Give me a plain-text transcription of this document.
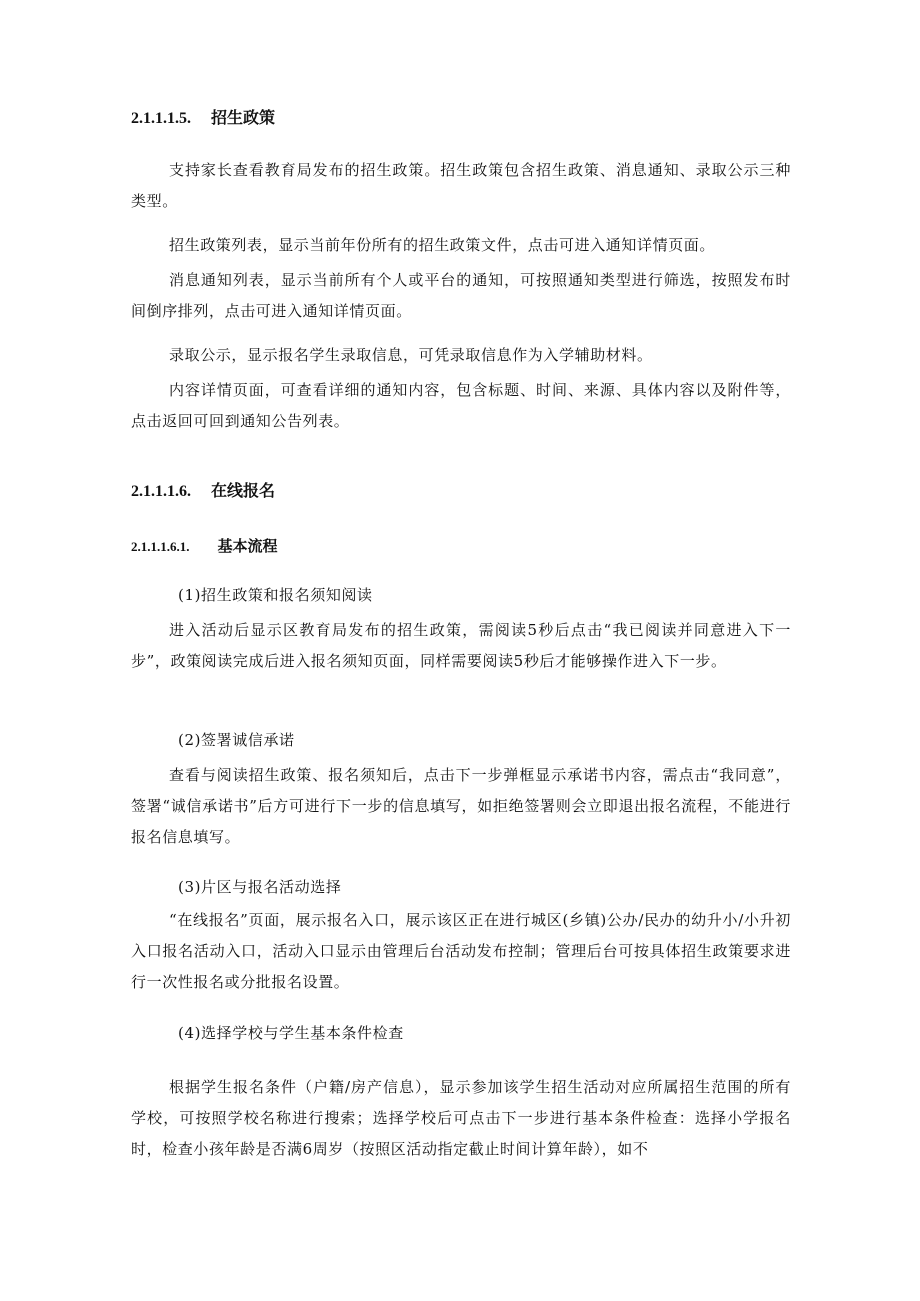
2.1.1.1.5. 招生政策

支持家长查看教育局发布的招生政策。招生政策包含招生政策、消息通知、录取公示三种类型。

招生政策列表，显示当前年份所有的招生政策文件，点击可进入通知详情页面。

消息通知列表，显示当前所有个人或平台的通知，可按照通知类型进行筛选，按照发布时间倒序排列，点击可进入通知详情页面。

录取公示，显示报名学生录取信息，可凭录取信息作为入学辅助材料。

内容详情页面，可查看详细的通知内容，包含标题、时间、来源、具体内容以及附件等，点击返回可回到通知公告列表。

2.1.1.1.6. 在线报名
2.1.1.1.6.1. 基本流程

(1)招生政策和报名须知阅读

进入活动后显示区教育局发布的招生政策，需阅读5秒后点击“我已阅读并同意进入下一步”，政策阅读完成后进入报名须知页面，同样需要阅读5秒后才能够操作进入下一步。

(2)签署诚信承诺

查看与阅读招生政策、报名须知后，点击下一步弹框显示承诺书内容，需点击“我同意”，签署“诚信承诺书”后方可进行下一步的信息填写，如拒绝签署则会立即退出报名流程，不能进行报名信息填写。

(3)片区与报名活动选择

“在线报名”页面，展示报名入口，展示该区正在进行城区(乡镇)公办/民办的幼升小/小升初入口报名活动入口，活动入口显示由管理后台活动发布控制；管理后台可按具体招生政策要求进行一次性报名或分批报名设置。

(4)选择学校与学生基本条件检查

根据学生报名条件（户籍/房产信息），显示参加该学生招生活动对应所属招生范围的所有学校，可按照学校名称进行搜索；选择学校后可点击下一步进行基本条件检查：选择小学报名时，检查小孩年龄是否满6周岁（按照区活动指定截止时间计算年龄），如不
